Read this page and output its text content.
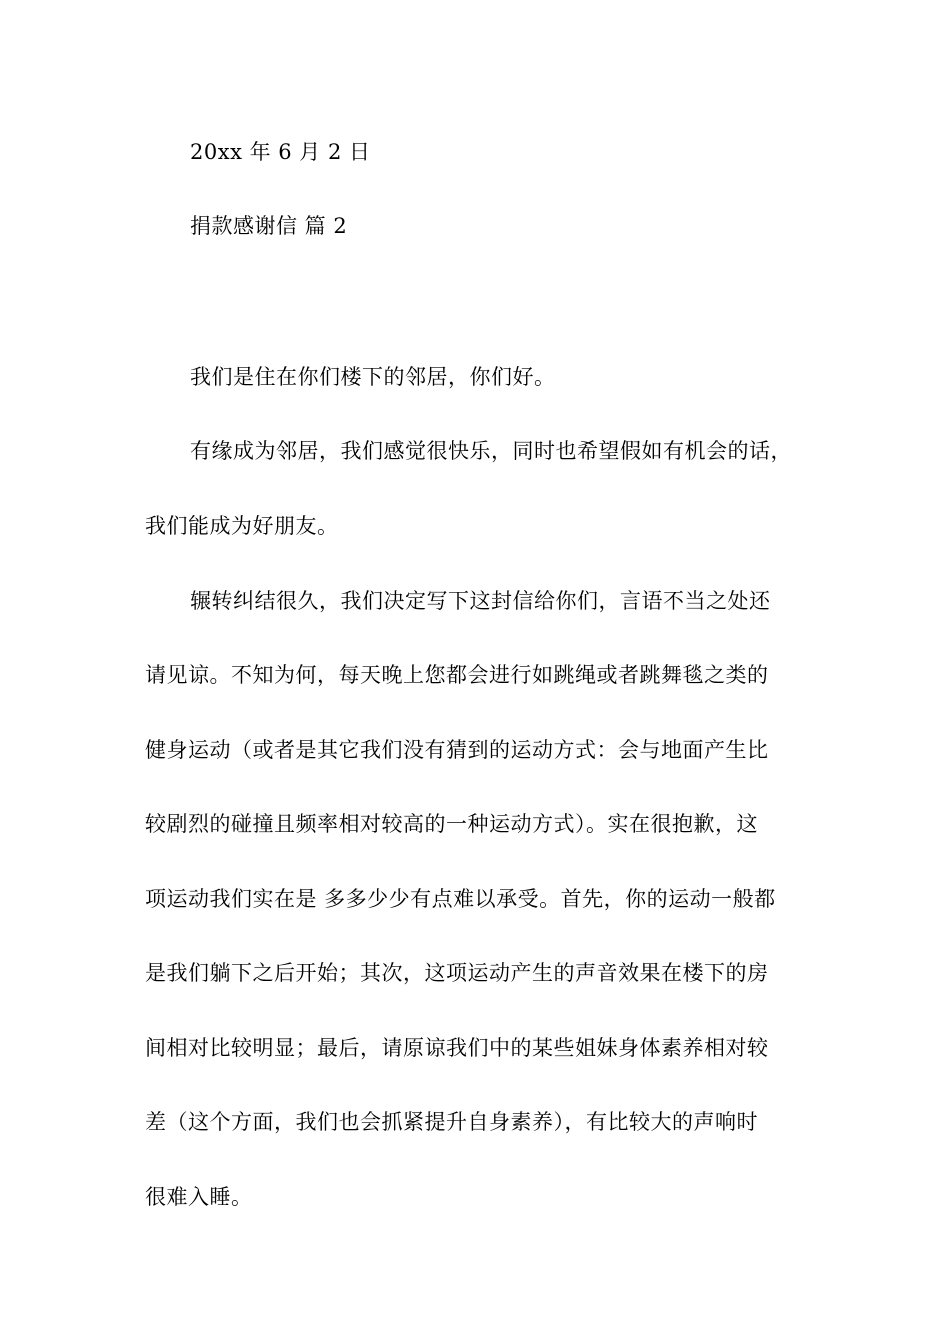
20xx 年 6 月 2 日
捐款感谢信 篇 2
我们是住在你们楼下的邻居，你们好。
有缘成为邻居，我们感觉很快乐，同时也希望假如有机会的话，
我们能成为好朋友。
辗转纠结很久，我们决定写下这封信给你们，言语不当之处还
请见谅。不知为何，每天晚上您都会进行如跳绳或者跳舞毯之类的
健身运动（或者是其它我们没有猜到的运动方式：会与地面产生比
较剧烈的碰撞且频率相对较高的一种运动方式）。实在很抱歉，这
项运动我们实在是 多多少少有点难以承受。首先，你的运动一般都
是我们躺下之后开始；其次，这项运动产生的声音效果在楼下的房
间相对比较明显；最后，请原谅我们中的某些姐妹身体素养相对较
差（这个方面，我们也会抓紧提升自身素养），有比较大的声响时
很难入睡。
